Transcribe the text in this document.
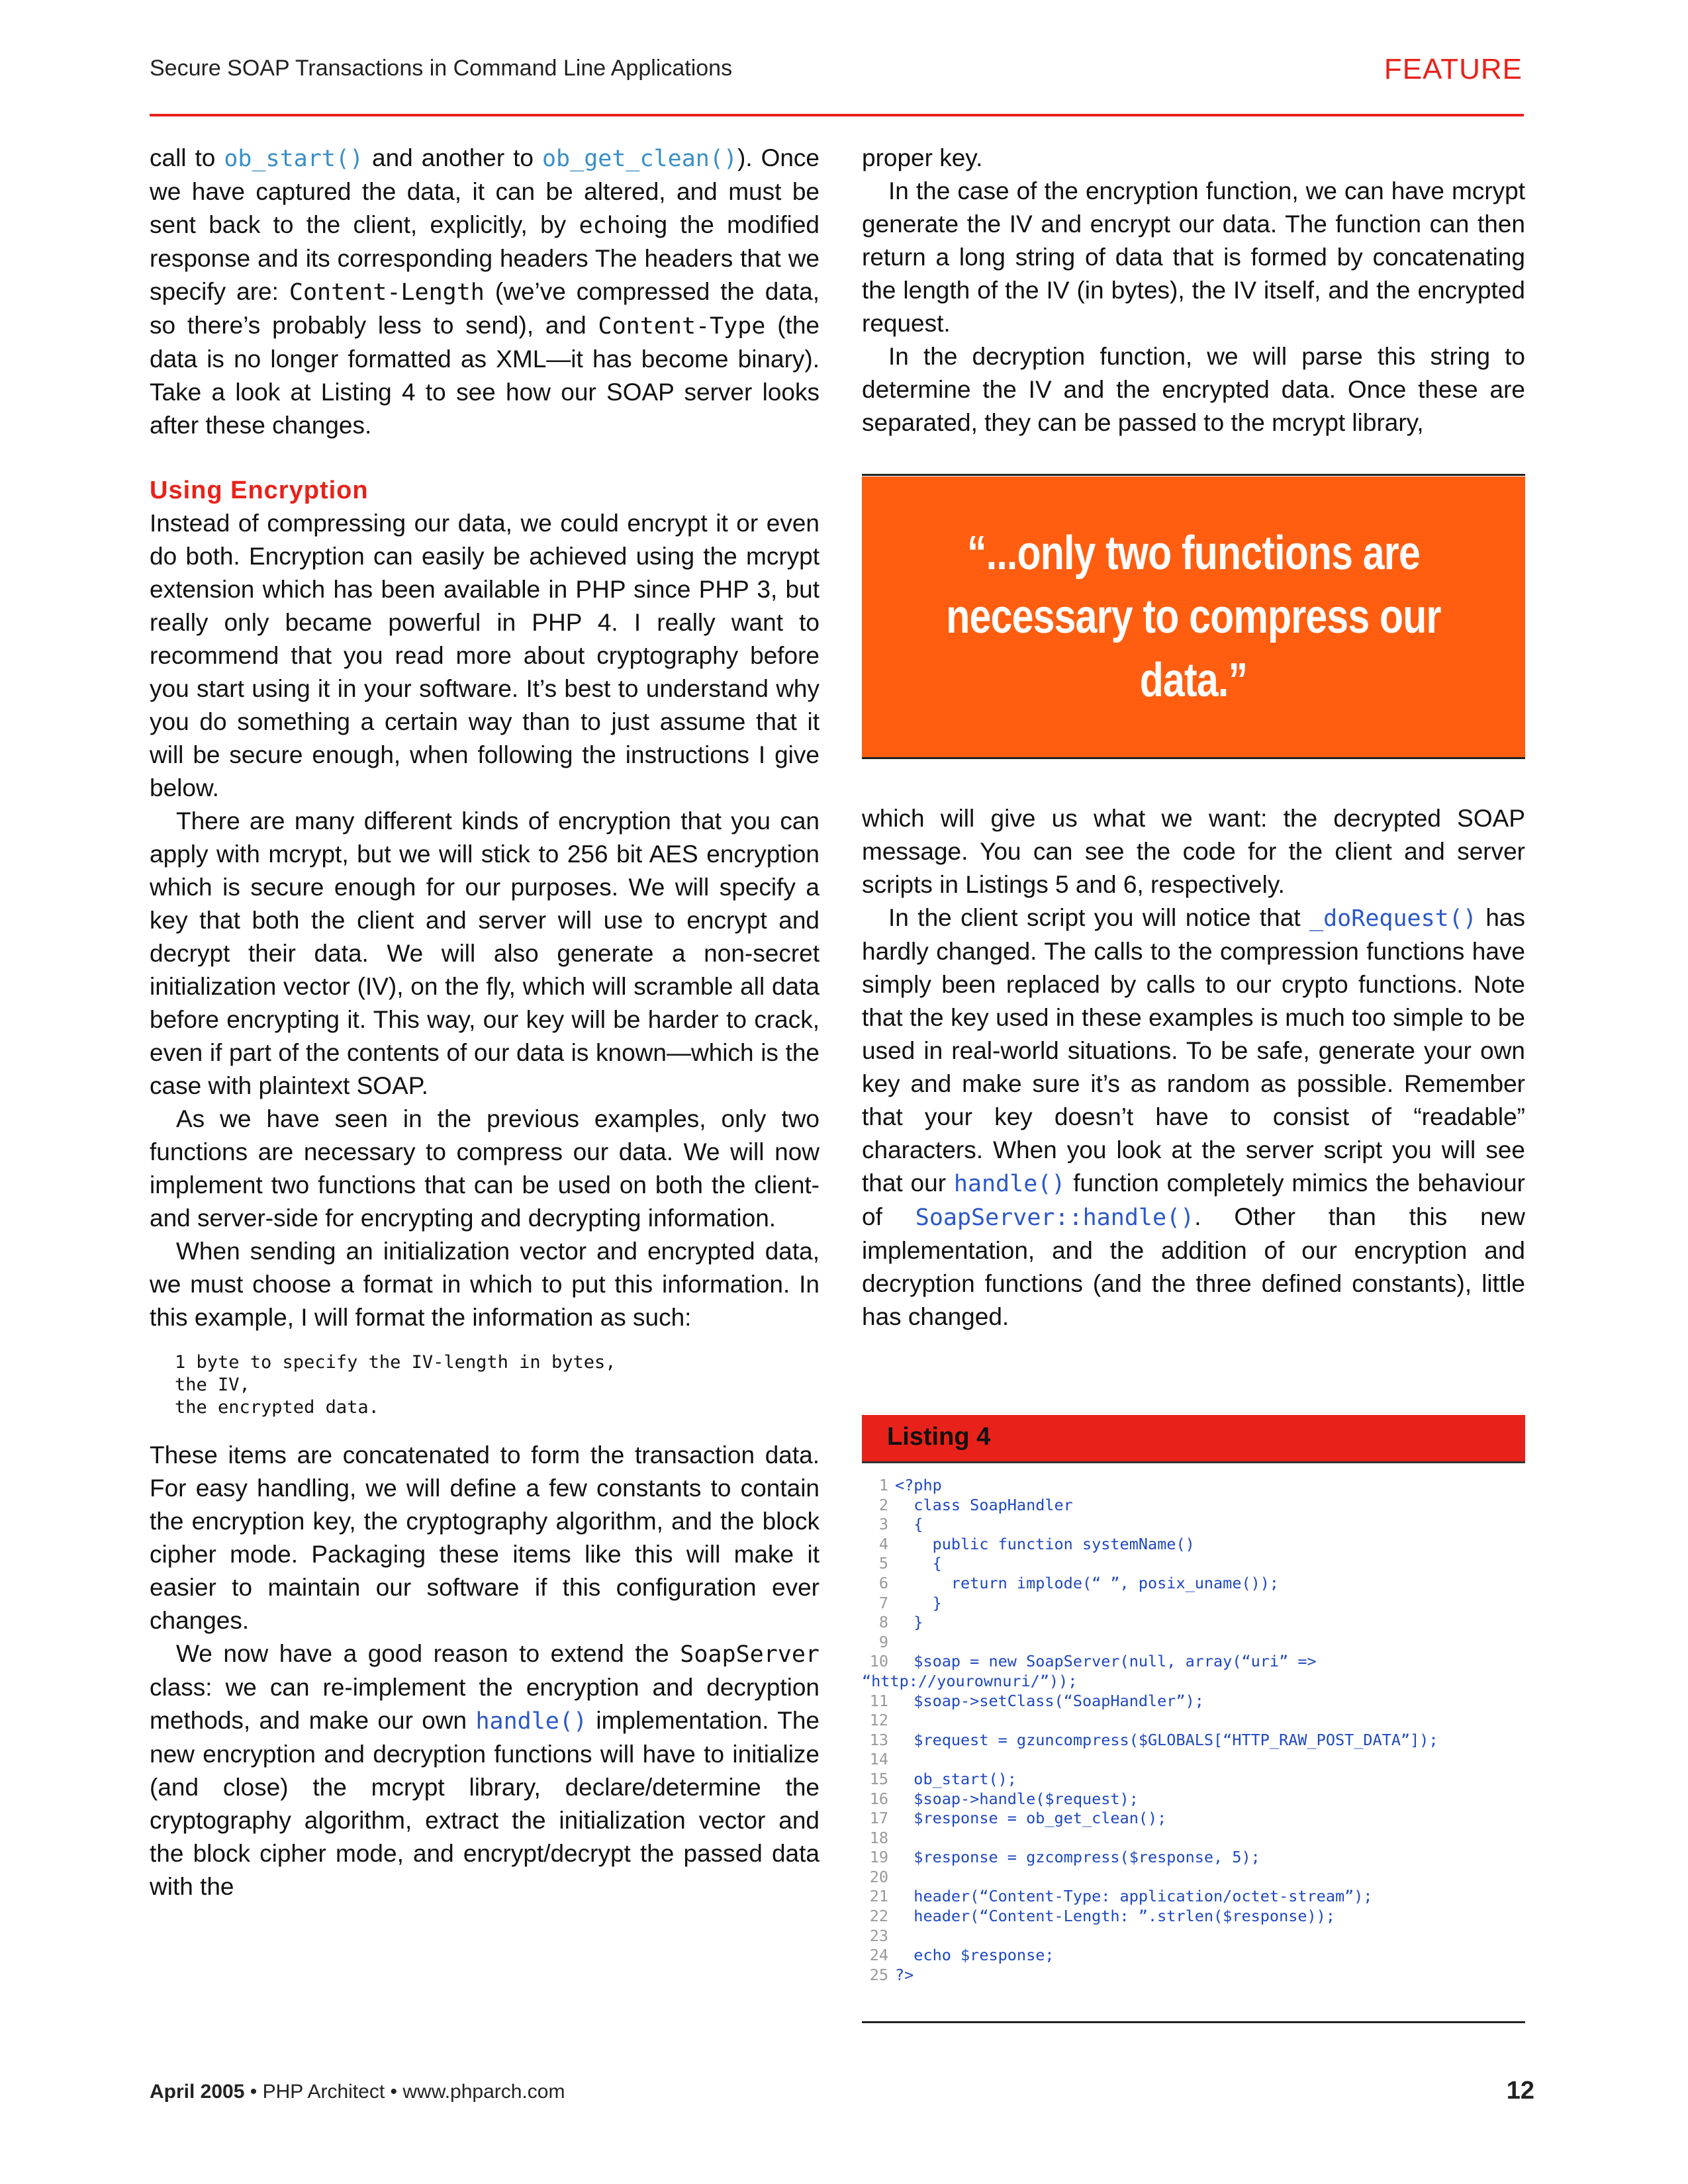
Secure SOAP Transactions in Command Line Applications	FEATURE

call to ob_start() and another to ob_get_clean()). Once we have captured the data, it can be altered, and must be sent back to the client, explicitly, by echoing the modified response and its corresponding headers The headers that we specify are: Content-Length (we’ve compressed the data, so there’s probably less to send), and Content-Type (the data is no longer formatted as XML—it has become binary). Take a look at Listing 4 to see how our SOAP server looks after these changes.

Using Encryption

Instead of compressing our data, we could encrypt it or even do both. Encryption can easily be achieved using the mcrypt extension which has been available in PHP since PHP 3, but really only became powerful in PHP 4. I really want to recommend that you read more about cryptography before you start using it in your software. It’s best to understand why you do something a certain way than to just assume that it will be secure enough, when following the instructions I give below.

There are many different kinds of encryption that you can apply with mcrypt, but we will stick to 256 bit AES encryption which is secure enough for our purposes. We will specify a key that both the client and server will use to encrypt and decrypt their data. We will also generate a non-secret initialization vector (IV), on the fly, which will scramble all data before encrypting it. This way, our key will be harder to crack, even if part of the contents of our data is known—which is the case with plaintext SOAP.

As we have seen in the previous examples, only two functions are necessary to compress our data. We will now implement two functions that can be used on both the client- and server-side for encrypting and decrypting information.

When sending an initialization vector and encrypted data, we must choose a format in which to put this information. In this example, I will format the information as such:

1 byte to specify the IV-length in bytes,
the IV,
the encrypted data.

These items are concatenated to form the transaction data. For easy handling, we will define a few constants to contain the encryption key, the cryptography algorithm, and the block cipher mode. Packaging these items like this will make it easier to maintain our software if this configuration ever changes.

We now have a good reason to extend the SoapServer class: we can re-implement the encryption and decryption methods, and make our own handle() implementation. The new encryption and decryption functions will have to initialize (and close) the mcrypt library, declare/determine the cryptography algorithm, extract the initialization vector and the block cipher mode, and encrypt/decrypt the passed data with the

proper key.

In the case of the encryption function, we can have mcrypt generate the IV and encrypt our data. The function can then return a long string of data that is formed by concatenating the length of the IV (in bytes), the IV itself, and the encrypted request.

In the decryption function, we will parse this string to determine the IV and the encrypted data. Once these are separated, they can be passed to the mcrypt library,

“...only two functions are necessary to compress our data.”

which will give us what we want: the decrypted SOAP message. You can see the code for the client and server scripts in Listings 5 and 6, respectively.

In the client script you will notice that _doRequest() has hardly changed. The calls to the compression functions have simply been replaced by calls to our crypto functions. Note that the key used in these examples is much too simple to be used in real-world situations. To be safe, generate your own key and make sure it’s as random as possible. Remember that your key doesn’t have to consist of “readable” characters. When you look at the server script you will see that our handle() function completely mimics the behaviour of SoapServer::handle(). Other than this new implementation, and the addition of our encryption and decryption functions (and the three defined constants), little has changed.

Listing 4
1 <?php
2  class SoapHandler
3  {
4    public function systemName()
5    {
6      return implode(“ ”, posix_uname());
7    }
8  }
9
10  $soap = new SoapServer(null, array(“uri” =>
“http://yourownuri/”));
11  $soap->setClass(“SoapHandler”);
12
13  $request = gzuncompress($GLOBALS[“HTTP_RAW_POST_DATA”]);
14
15  ob_start();
16  $soap->handle($request);
17  $response = ob_get_clean();
18
19  $response = gzcompress($response, 5);
20
21  header(“Content-Type: application/octet-stream”);
22  header(“Content-Length: ”.strlen($response));
23
24  echo $response;
25 ?>
April 2005 • PHP Architect • www.phparch.com	12
